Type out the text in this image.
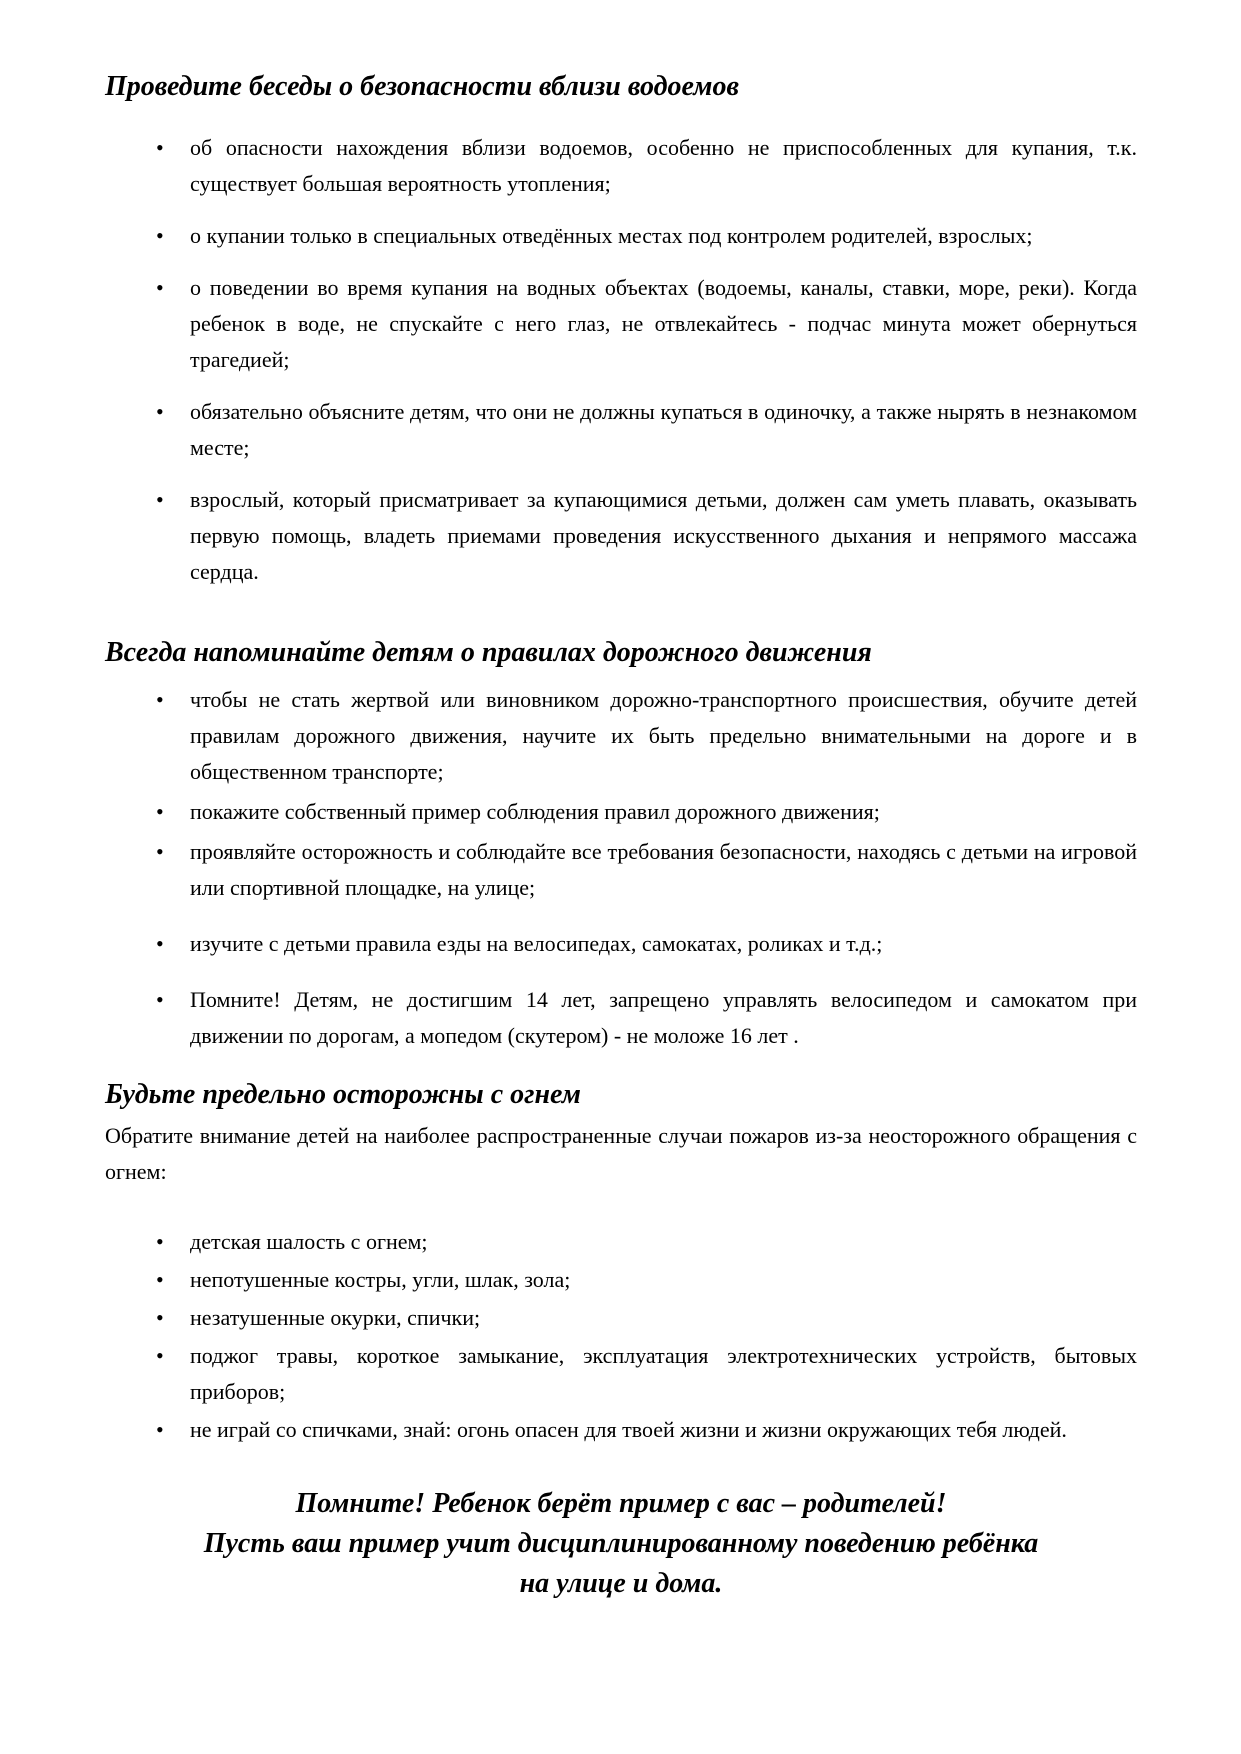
Проведите беседы о безопасности вблизи водоемов
• об опасности нахождения вблизи водоемов, особенно не приспособленных для купания, т.к. существует большая вероятность утопления;
• о купании только в специальных отведённых местах под контролем родителей, взрослых;
• о поведении во время купания на водных объектах (водоемы, каналы, ставки, море, реки). Когда ребенок в воде, не спускайте с него глаз, не отвлекайтесь - подчас минута может обернуться трагедией;
• обязательно объясните детям, что они не должны купаться в одиночку, а также нырять в незнакомом месте;
• взрослый, который присматривает за купающимися детьми, должен сам уметь плавать, оказывать первую помощь, владеть приемами проведения искусственного дыхания и непрямого массажа сердца.
Всегда напоминайте детям о правилах дорожного движения
• чтобы не стать жертвой или виновником дорожно-транспортного происшествия, обучите детей правилам дорожного движения, научите их быть предельно внимательными на дороге и в общественном транспорте;
• покажите собственный пример соблюдения правил дорожного движения;
• проявляйте осторожность и соблюдайте все требования безопасности, находясь с детьми на игровой или спортивной площадке, на улице;
• изучите с детьми правила езды на велосипедах, самокатах, роликах и т.д.;
• Помните! Детям, не достигшим 14 лет, запрещено управлять велосипедом и самокатом при движении по дорогам, а мопедом (скутером) - не моложе 16 лет .
Будьте предельно осторожны с огнем

Обратите внимание детей на наиболее распространенные случаи пожаров из-за неосторожного обращения с огнем:

• детская шалость с огнем;
• непотушенные костры, угли, шлак, зола;
• незатушенные окурки, спички;
• поджог травы, короткое замыкание, эксплуатация электротехнических устройств, бытовых приборов;
• не играй со спичками, знай: огонь опасен для твоей жизни и жизни окружающих тебя людей.

Помните! Ребенок берёт пример с вас – родителей!

Пусть ваш пример учит дисциплинированному поведению ребёнка

на улице и дома.
